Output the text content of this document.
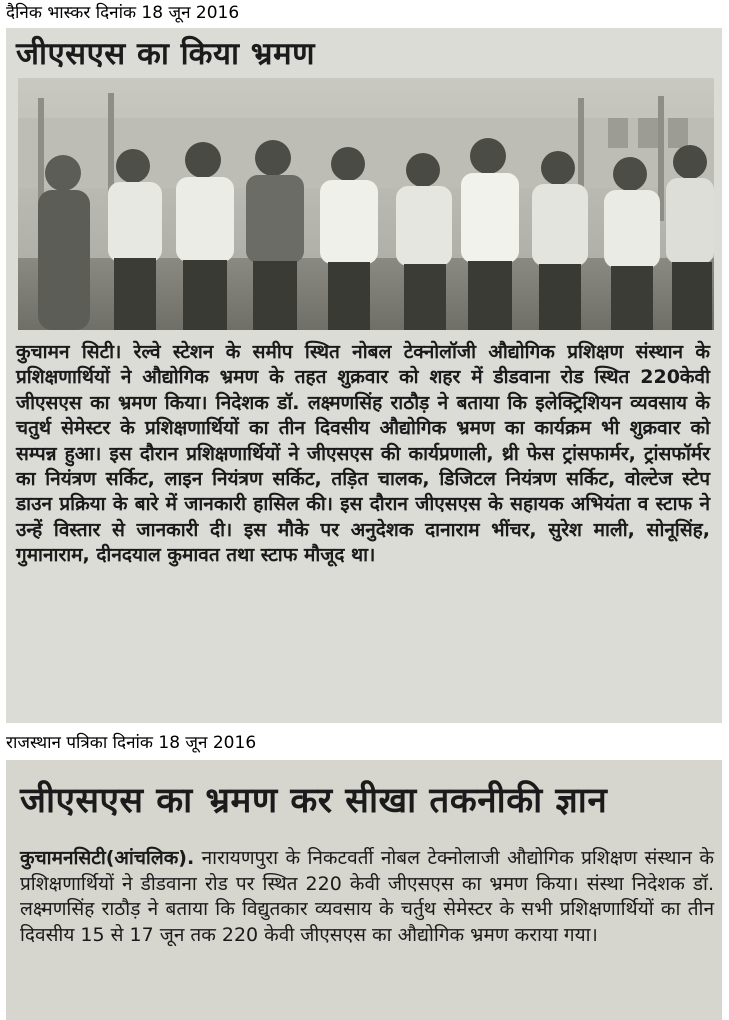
दैनिक भास्कर दिनांक 18 जून 2016
जीएसएस का किया भ्रमण
कुचामन सिटी। रेल्वे स्टेशन के समीप स्थित नोबल टेक्नोलॉजी औद्योगिक प्रशिक्षण संस्थान के प्रशिक्षणार्थियों ने औद्योगिक भ्रमण के तहत शुक्रवार को शहर में डीडवाना रोड स्थित 220केवी जीएसएस का भ्रमण किया। निदेशक डॉ. लक्ष्मणसिंह राठौड़ ने बताया कि इलेक्ट्रिशियन व्यवसाय के चतुर्थ सेमेस्टर के प्रशिक्षणार्थियों का तीन दिवसीय औद्योगिक भ्रमण का कार्यक्रम भी शुक्रवार को सम्पन्न हुआ। इस दौरान प्रशिक्षणार्थियों ने जीएसएस की कार्यप्रणाली, थ्री फेस ट्रांसफार्मर, ट्रांसफॉर्मर का नियंत्रण सर्किट, लाइन नियंत्रण सर्किट, तड़ित चालक, डिजिटल नियंत्रण सर्किट, वोल्टेज स्टेप डाउन प्रक्रिया के बारे में जानकारी हासिल की। इस दौरान जीएसएस के सहायक अभियंता व स्टाफ ने उन्हें विस्तार से जानकारी दी। इस मौके पर अनुदेशक दानाराम भींचर, सुरेश माली, सोनूसिंह, गुमानाराम, दीनदयाल कुमावत तथा स्टाफ मौजूद था।
राजस्थान पत्रिका दिनांक 18 जून 2016
जीएसएस का भ्रमण कर सीखा तकनीकी ज्ञान
कुचामनसिटी(आंचलिक). नारायणपुरा के निकटवर्ती नोबल टेक्नोलाजी औद्योगिक प्रशिक्षण संस्थान के प्रशिक्षणार्थियों ने डीडवाना रोड पर स्थित 220 केवी जीएसएस का भ्रमण किया। संस्था निदेशक डॉ. लक्ष्मणसिंह राठौड़ ने बताया कि विद्युतकार व्यवसाय के चर्तुथ सेमेस्टर के सभी प्रशिक्षणार्थियों का तीन दिवसीय 15 से 17 जून तक 220 केवी जीएसएस का औद्योगिक भ्रमण कराया गया।
